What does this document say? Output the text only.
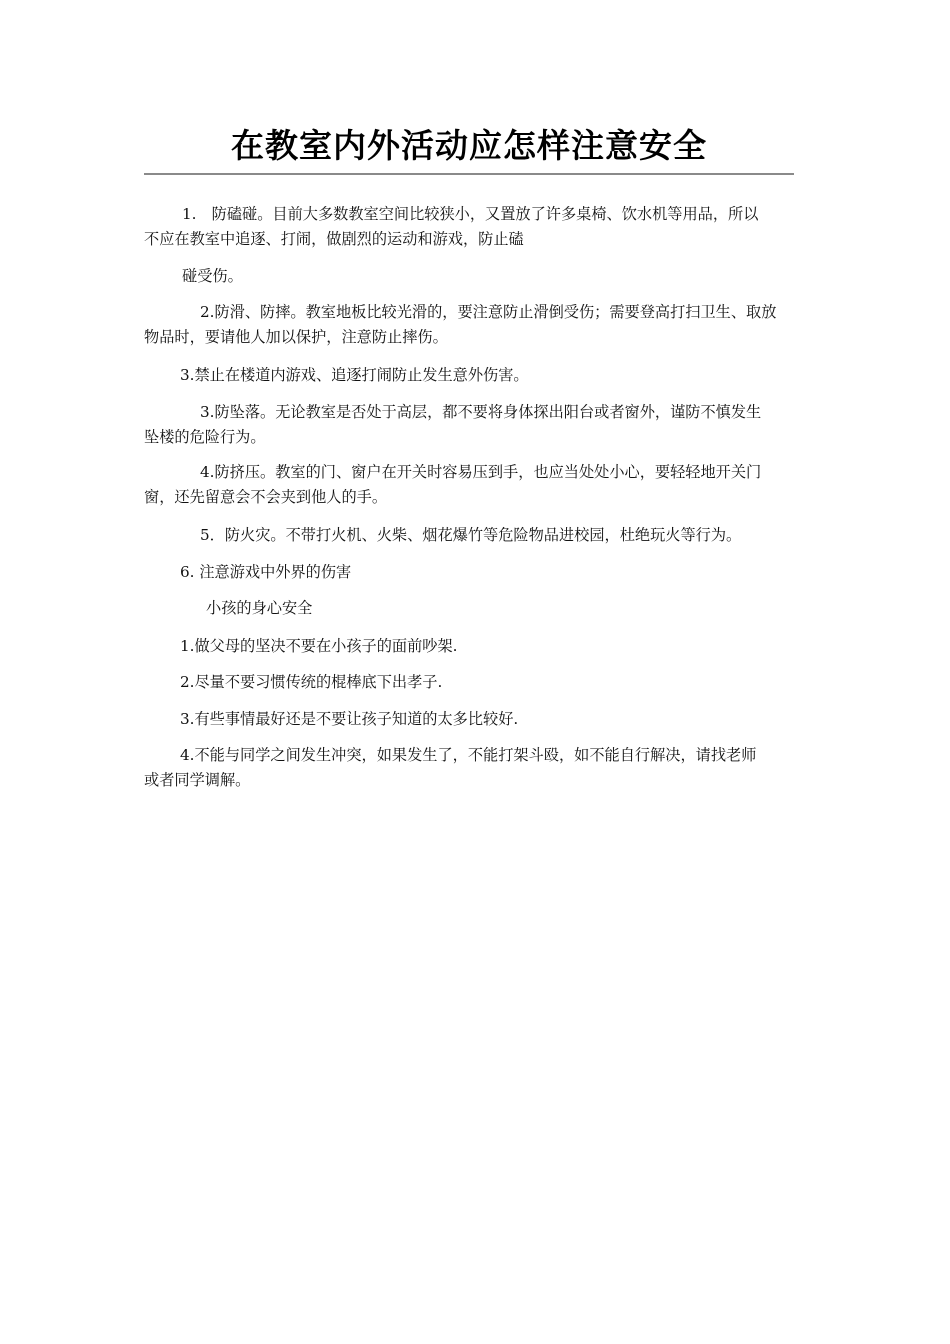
在教室内外活动应怎样注意安全
1.　防磕碰。目前大多数教室空间比较狭小，又置放了许多桌椅、饮水机等用品，所以
不应在教室中追逐、打闹，做剧烈的运动和游戏，防止磕
碰受伤。
2.防滑、防摔。教室地板比较光滑的，要注意防止滑倒受伤；需要登高打扫卫生、取放
物品时，要请他人加以保护，注意防止摔伤。
3.禁止在楼道内游戏、追逐打闹防止发生意外伤害。
3.防坠落。无论教室是否处于高层，都不要将身体探出阳台或者窗外，谨防不慎发生
坠楼的危险行为。
4.防挤压。教室的门、窗户在开关时容易压到手，也应当处处小心，要轻轻地开关门
窗，还先留意会不会夹到他人的手。
5．防火灾。不带打火机、火柴、烟花爆竹等危险物品进校园，杜绝玩火等行为。
6. 注意游戏中外界的伤害
小孩的身心安全
1.做父母的坚决不要在小孩子的面前吵架.
2.尽量不要习惯传统的棍棒底下出孝子.
3.有些事情最好还是不要让孩子知道的太多比较好.
4.不能与同学之间发生冲突，如果发生了，不能打架斗殴，如不能自行解决，请找老师
或者同学调解。
